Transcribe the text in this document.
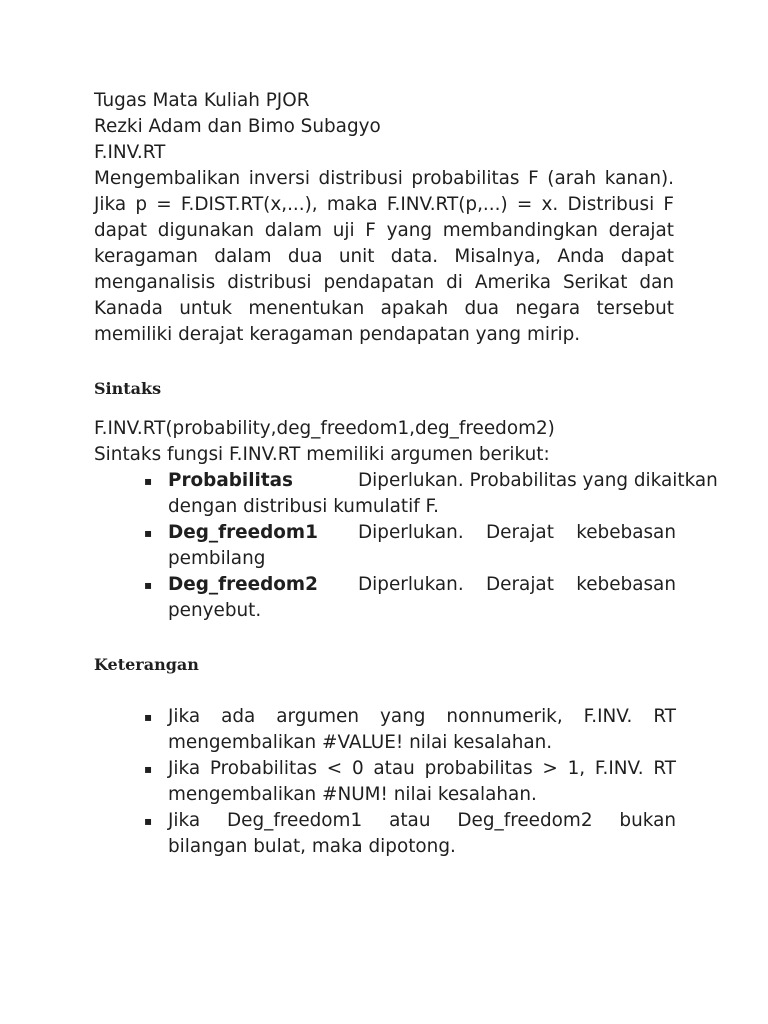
Tugas Mata Kuliah PJOR

Rezki Adam dan Bimo Subagyo

F.INV.RT

Mengembalikan inversi distribusi probabilitas F (arah kanan). Jika p = F.DIST.RT(x,...), maka F.INV.RT(p,...) = x. Distribusi F dapat digunakan dalam uji F yang membandingkan derajat keragaman dalam dua unit data. Misalnya, Anda dapat menganalisis distribusi pendapatan di Amerika Serikat dan Kanada untuk menentukan apakah dua negara tersebut memiliki derajat keragaman pendapatan yang mirip.

Sintaks

F.INV.RT(probability,deg_freedom1,deg_freedom2)

Sintaks fungsi F.INV.RT memiliki argumen berikut:

▪ Probabilitas	Diperlukan. Probabilitas yang dikaitkan
dengan distribusi kumulatif F.
▪ Deg_freedom1	Diperlukan. Derajat kebebasan
pembilang
▪ Deg_freedom2	Diperlukan. Derajat kebebasan
penyebut.
Keterangan
▪ Jika ada argumen yang nonnumerik, F.INV. RT mengembalikan #VALUE! nilai kesalahan.
▪ Jika Probabilitas < 0 atau probabilitas > 1, F.INV. RT mengembalikan #NUM! nilai kesalahan.
▪ Jika Deg_freedom1 atau Deg_freedom2 bukan bilangan bulat, maka dipotong.
